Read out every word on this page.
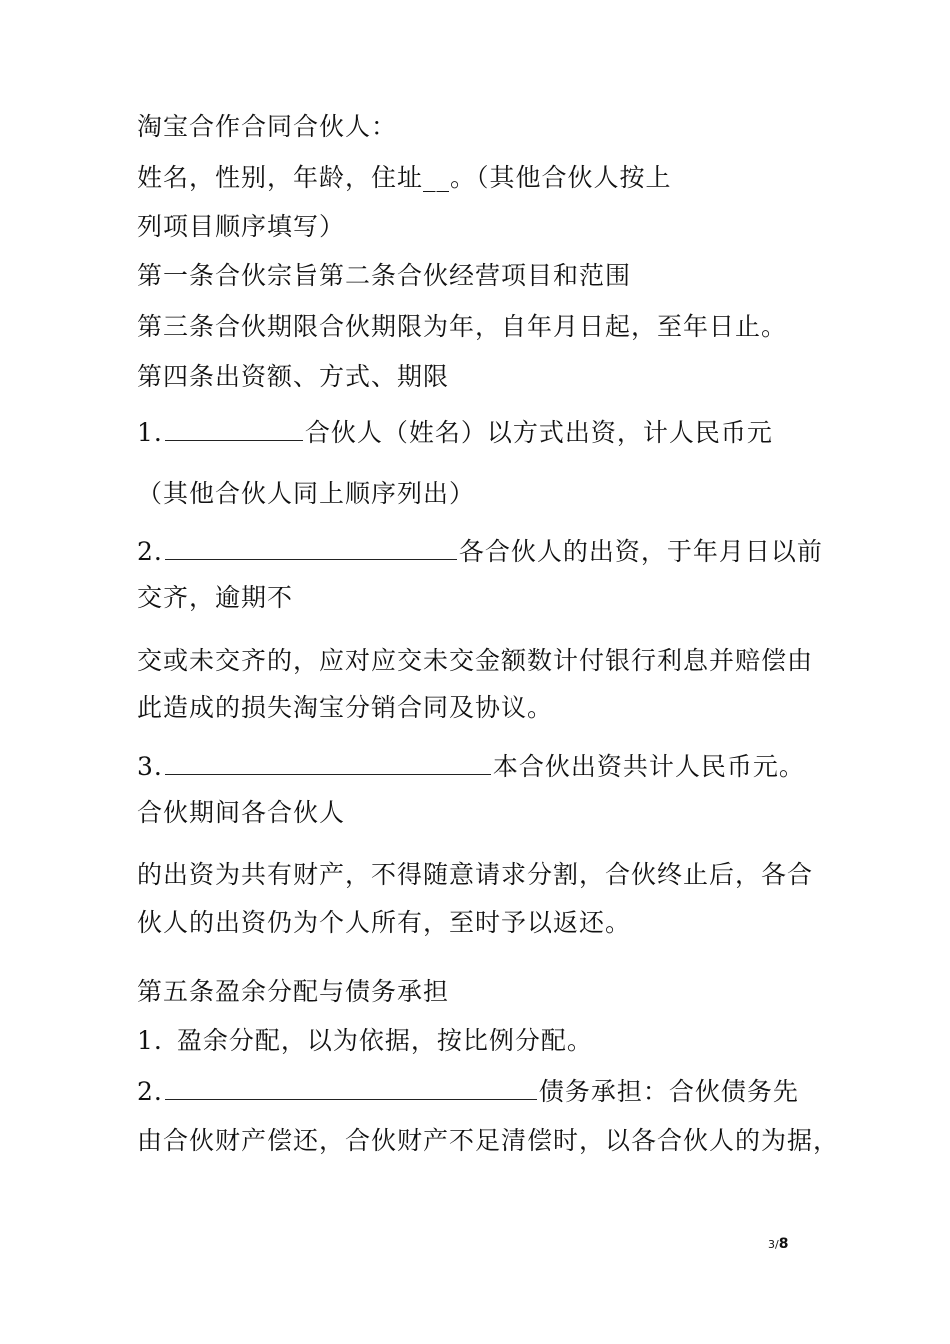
淘宝合作合同合伙人：
姓名，性别，年龄，住址__。（其他合伙人按上
列项目顺序填写）
第一条合伙宗旨第二条合伙经营项目和范围
第三条合伙期限合伙期限为年，自年月日起，至年日止。
第四条出资额、方式、期限
1.	合伙人（姓名）以方式出资，计人民币元
（其他合伙人同上顺序列出）
2.	各合伙人的出资，于年月日以前
交齐，逾期不
交或未交齐的，应对应交未交金额数计付银行利息并赔偿由
此造成的损失淘宝分销合同及协议。
3.	本合伙出资共计人民币元。
合伙期间各合伙人
的出资为共有财产，不得随意请求分割，合伙终止后，各合
伙人的出资仍为个人所有，至时予以返还。
第五条盈余分配与债务承担
1. 盈余分配，以为依据，按比例分配。
2.	债务承担：合伙债务先
由合伙财产偿还，合伙财产不足清偿时，以各合伙人的为据，
3/8
